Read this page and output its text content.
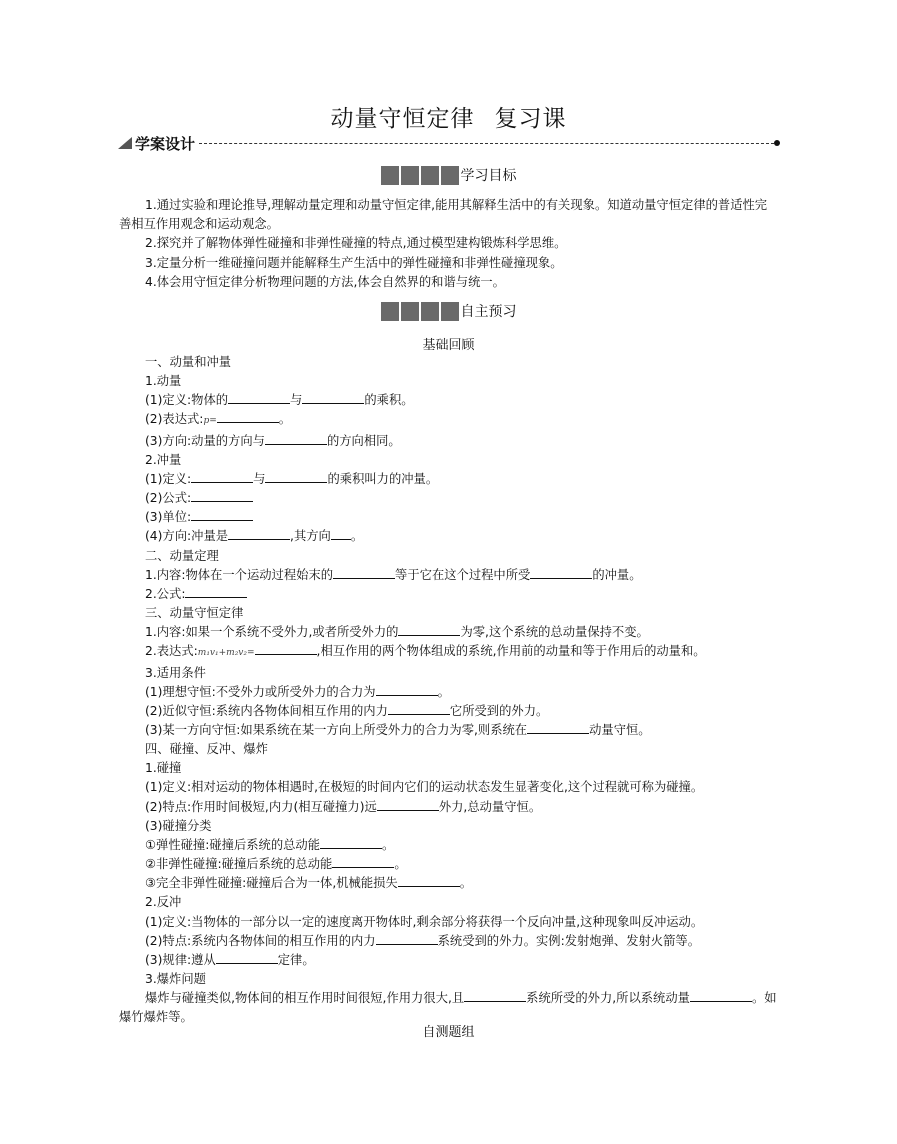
动量守恒定律 复习课
学案设计
学习目标

1.通过实验和理论推导,理解动量定理和动量守恒定律,能用其解释生活中的有关现象。知道动量守恒定律的普适性完善相互作用观念和运动观念。

2.探究并了解物体弹性碰撞和非弹性碰撞的特点,通过模型建构锻炼科学思维。

3.定量分析一维碰撞问题并能解释生产生活中的弹性碰撞和非弹性碰撞现象。

4.体会用守恒定律分析物理问题的方法,体会自然界的和谐与统一。

自主预习
基础回顾
一、动量和冲量
1.动量
(1)定义:物体的	与	的乘积。
(2)表达式:p=	。
(3)方向:动量的方向与	的方向相同。
2.冲量
(1)定义:	与	的乘积叫力的冲量。
(2)公式:
(3)单位:
(4)方向:冲量是	,其方向 。
二、动量定理
1.内容:物体在一个运动过程始末的	等于它在这个过程中所受	的冲量。
2.公式:
三、动量守恒定律
1.内容:如果一个系统不受外力,或者所受外力的	为零,这个系统的总动量保持不变。
2.表达式:m₁v₁+m₂v₂=	,相互作用的两个物体组成的系统,作用前的动量和等于作用后的动量和。
3.适用条件
(1)理想守恒:不受外力或所受外力的合力为	。
(2)近似守恒:系统内各物体间相互作用的内力	它所受到的外力。
(3)某一方向守恒:如果系统在某一方向上所受外力的合力为零,则系统在	动量守恒。
四、碰撞、反冲、爆炸
1.碰撞
(1)定义:相对运动的物体相遇时,在极短的时间内它们的运动状态发生显著变化,这个过程就可称为碰撞。
(2)特点:作用时间极短,内力(相互碰撞力)远	外力,总动量守恒。
(3)碰撞分类
①弹性碰撞:碰撞后系统的总动能	。
②非弹性碰撞:碰撞后系统的总动能	。
③完全非弹性碰撞:碰撞后合为一体,机械能损失	。
2.反冲
(1)定义:当物体的一部分以一定的速度离开物体时,剩余部分将获得一个反向冲量,这种现象叫反冲运动。
(2)特点:系统内各物体间的相互作用的内力	系统受到的外力。实例:发射炮弹、发射火箭等。
(3)规律:遵从	定律。
3.爆炸问题
爆炸与碰撞类似,物体间的相互作用时间很短,作用力很大,且	系统所受的外力,所以系统动量	。如爆竹爆炸等。
自测题组
